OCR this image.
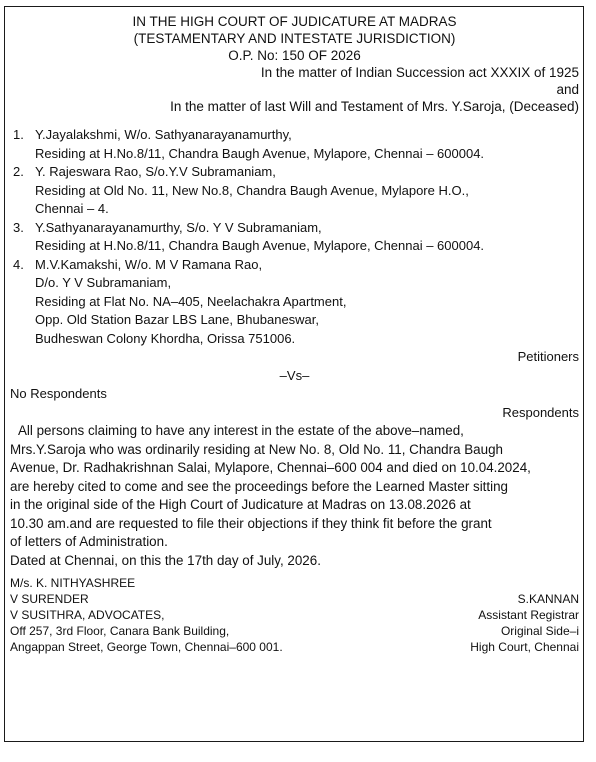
IN THE HIGH COURT OF JUDICATURE AT MADRAS
(TESTAMENTARY AND INTESTATE JURISDICTION)
O.P. No: 150 OF 2026
In the matter of Indian Succession act XXXIX of 1925
and
In the matter of last Will and Testament of Mrs. Y.Saroja, (Deceased)
1. Y.Jayalakshmi, W/o. Sathyanarayanamurthy,
Residing at H.No.8/11, Chandra Baugh Avenue, Mylapore, Chennai – 600004.
2. Y. Rajeswara Rao, S/o.Y.V Subramaniam,
Residing at Old No. 11, New No.8, Chandra Baugh Avenue, Mylapore H.O.,
Chennai – 4.
3. Y.Sathyanarayanamurthy, S/o. Y V Subramaniam,
Residing at H.No.8/11, Chandra Baugh Avenue, Mylapore, Chennai – 600004.
4. M.V.Kamakshi, W/o. M V Ramana Rao,
D/o. Y V Subramaniam,
Residing at Flat No. NA–405, Neelachakra Apartment,
Opp. Old Station Bazar LBS Lane, Bhubaneswar,
Budheswan Colony Khordha, Orissa 751006.
Petitioners
–Vs–
No Respondents
Respondents
All persons claiming to have any interest in the estate of the above–named,
Mrs.Y.Saroja who was ordinarily residing at New No. 8, Old No. 11, Chandra Baugh
Avenue, Dr. Radhakrishnan Salai, Mylapore, Chennai–600 004 and died on 10.04.2024,
are hereby cited to come and see the proceedings before the Learned Master sitting
in the original side of the High Court of Judicature at Madras on 13.08.2026 at
10.30 am.and are requested to file their objections if they think fit before the grant
of letters of Administration.
Dated at Chennai, on this the 17th day of July, 2026.
M/s. K. NITHYASHREE
V SURENDER
V SUSITHRA, ADVOCATES,
Off 257, 3rd Floor, Canara Bank Building,
Angappan Street, George Town, Chennai–600 001.
S.KANNAN
Assistant Registrar
Original Side–i
High Court, Chennai
